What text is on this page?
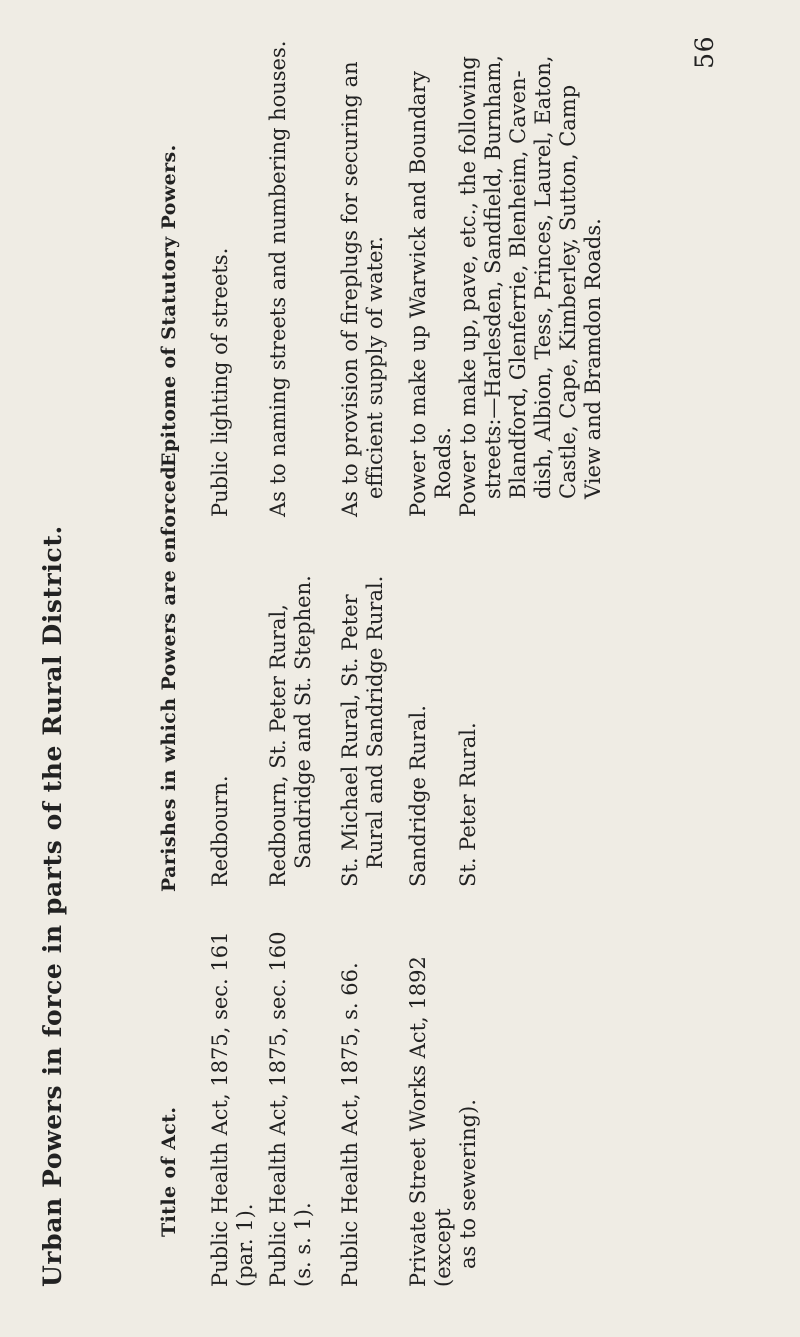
56
Urban Powers in force in parts of the Rural District.	Title of Act.
Parishes in which Powers are enforced.
Epitome of Statutory Powers.
Public Health Act, 1875, sec. 161 (par. 1).
Redbourn.
Public lighting of streets.
Public Health Act, 1875, sec. 160 (s. s. 1).
Redbourn, St. Peter Rural, Sandridge and St. Stephen.
As to naming streets and numbering houses.
Public Health Act, 1875, s. 66.
St. Michael Rural, St. Peter Rural and Sandridge Rural.
As to provision of fireplugs for securing an efficient supply of water.
Private Street Works Act, 1892 (except as to sewering).
Sandridge Rural.
St. Peter Rural.
Power to make up Warwick and Boundary Roads. Power to make up, pave, etc., the following streets:—Harlesden, Sandfield, Burnham, Blandford, Glenferrie, Blenheim, Caven- dish, Albion, Tess, Princes, Laurel, Eaton, Castle, Cape, Kimberley, Sutton, Camp View and Bramdon Roads.
